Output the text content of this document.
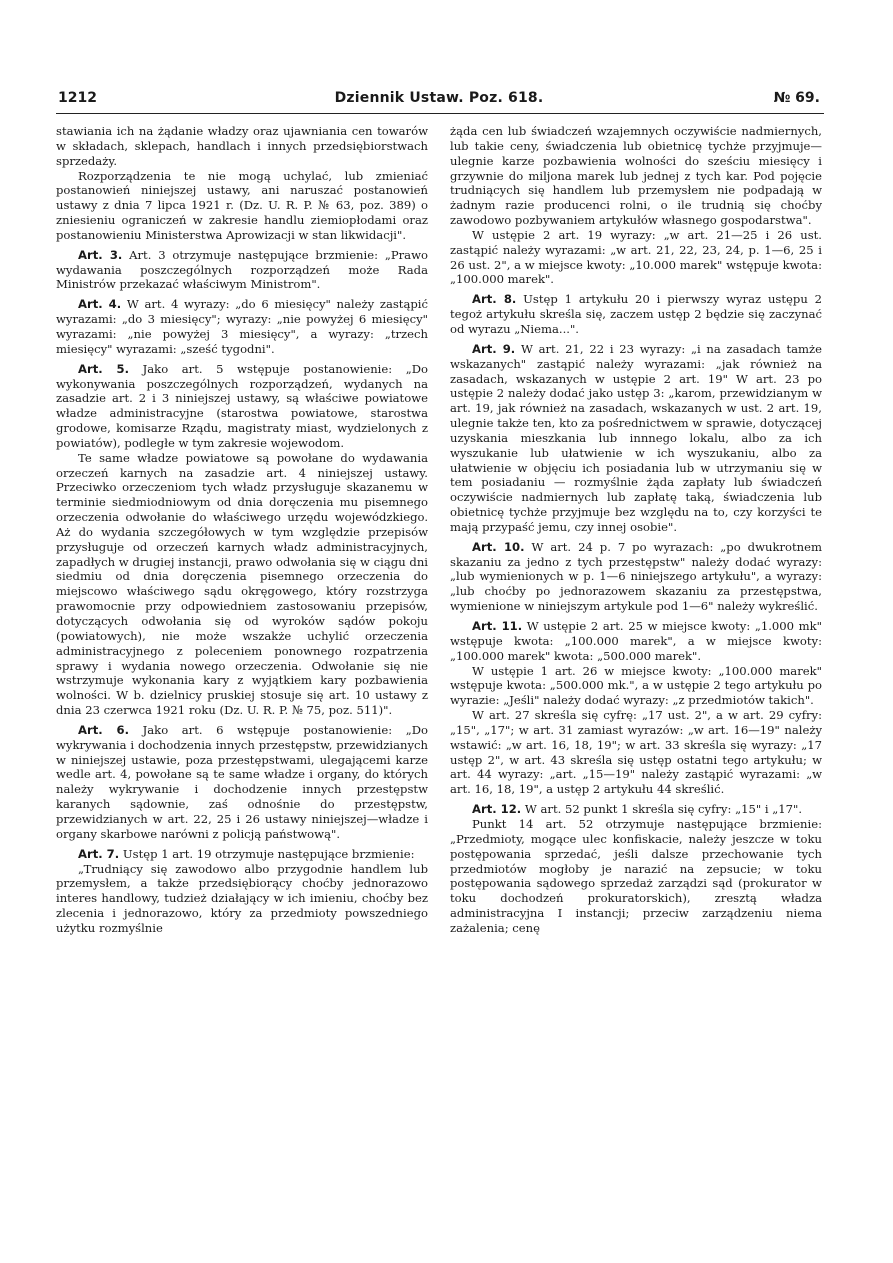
1212	Dziennik Ustaw. Poz. 618.	№ 69.

stawiania ich na żądanie władzy oraz ujawniania cen towarów w składach, sklepach, handlach i innych przedsiębiorstwach sprzedaży.

Rozporządzenia te nie mogą uchylać, lub zmieniać postanowień niniejszej ustawy, ani naruszać postanowień ustawy z dnia 7 lipca 1921 r. (Dz. U. R. P. № 63, poz. 389) o zniesieniu ograniczeń w zakresie handlu ziemiopłodami oraz postanowieniu Ministerstwa Aprowizacji w stan likwidacji".

Art. 3. Art. 3 otrzymuje następujące brzmienie: „Prawo wydawania poszczególnych rozporządzeń może Rada Ministrów przekazać właściwym Ministrom".

Art. 4. W art. 4 wyrazy: „do 6 miesięcy" należy zastąpić wyrazami: „do 3 miesięcy"; wyrazy: „nie powyżej 6 miesięcy" wyrazami: „nie powyżej 3 miesięcy", a wyrazy: „trzech miesięcy" wyrazami: „sześć tygodni".

Art. 5. Jako art. 5 wstępuje postanowienie: „Do wykonywania poszczególnych rozporządzeń, wydanych na zasadzie art. 2 i 3 niniejszej ustawy, są właściwe powiatowe władze administracyjne (starostwa powiatowe, starostwa grodowe, komisarze Rządu, magistraty miast, wydzielonych z powiatów), podległe w tym zakresie wojewodom.

Te same władze powiatowe są powołane do wydawania orzeczeń karnych na zasadzie art. 4 niniejszej ustawy. Przeciwko orzeczeniom tych władz przysługuje skazanemu w terminie siedmiodniowym od dnia doręczenia mu pisemnego orzeczenia odwołanie do właściwego urzędu wojewódzkiego. Aż do wydania szczegółowych w tym względzie przepisów przysługuje od orzeczeń karnych władz administracyjnych, zapadłych w drugiej instancji, prawo odwołania się w ciągu dni siedmiu od dnia doręczenia pisemnego orzeczenia do miejscowo właściwego sądu okręgowego, który rozstrzyga prawomocnie przy odpowiedniem zastosowaniu przepisów, dotyczących odwołania się od wyroków sądów pokoju (powiatowych), nie może wszakże uchylić orzeczenia administracyjnego z poleceniem ponownego rozpatrzenia sprawy i wydania nowego orzeczenia. Odwołanie się nie wstrzymuje wykonania kary z wyjątkiem kary pozbawienia wolności. W b. dzielnicy pruskiej stosuje się art. 10 ustawy z dnia 23 czerwca 1921 roku (Dz. U. R. P. № 75, poz. 511)".

Art. 6. Jako art. 6 wstępuje postanowienie: „Do wykrywania i dochodzenia innych przestępstw, przewidzianych w niniejszej ustawie, poza przestępstwami, ulegającemi karze wedle art. 4, powołane są te same władze i organy, do których należy wykrywanie i dochodzenie innych przestępstw karanych sądownie, zaś odnośnie do przestępstw, przewidzianych w art. 22, 25 i 26 ustawy niniejszej—władze i organy skarbowe narówni z policją państwową".

Art. 7. Ustęp 1 art. 19 otrzymuje następujące brzmienie:

„Trudniący się zawodowo albo przygodnie handlem lub przemysłem, a także przedsiębiorący choćby jednorazowo interes handlowy, tudzież działający w ich imieniu, choćby bez zlecenia i jednorazowo, który za przedmioty powszedniego użytku rozmyślnie

żąda cen lub świadczeń wzajemnych oczywiście nadmiernych, lub takie ceny, świadczenia lub obietnicę tychże przyjmuje—ulegnie karze pozbawienia wolności do sześciu miesięcy i grzywnie do miljona marek lub jednej z tych kar. Pod pojęcie trudniących się handlem lub przemysłem nie podpadają w żadnym razie producenci rolni, o ile trudnią się choćby zawodowo pozbywaniem artykułów własnego gospodarstwa".

W ustępie 2 art. 19 wyrazy: „w art. 21—25 i 26 ust. zastąpić należy wyrazami: „w art. 21, 22, 23, 24, p. 1—6, 25 i 26 ust. 2", a w miejsce kwoty: „10.000 marek" wstępuje kwota: „100.000 marek".

Art. 8. Ustęp 1 artykułu 20 i pierwszy wyraz ustępu 2 tegoż artykułu skreśla się, zaczem ustęp 2 będzie się zaczynać od wyrazu „Niema...".

Art. 9. W art. 21, 22 i 23 wyrazy: „i na zasadach tamże wskazanych" zastąpić należy wyrazami: „jak również na zasadach, wskazanych w ustępie 2 art. 19" W art. 23 po ustępie 2 należy dodać jako ustęp 3: „karom, przewidzianym w art. 19, jak również na zasadach, wskazanych w ust. 2 art. 19, ulegnie także ten, kto za pośrednictwem w sprawie, dotyczącej uzyskania mieszkania lub innnego lokalu, albo za ich wyszukanie lub ułatwienie w ich wyszukaniu, albo za ułatwienie w objęciu ich posiadania lub w utrzymaniu się w tem posiadaniu — rozmyślnie żąda zapłaty lub świadczeń oczywiście nadmiernych lub zapłatę taką, świadczenia lub obietnicę tychże przyjmuje bez względu na to, czy korzyści te mają przypaść jemu, czy innej osobie".

Art. 10. W art. 24 p. 7 po wyrazach: „po dwukrotnem skazaniu za jedno z tych przestępstw" należy dodać wyrazy: „lub wymienionych w p. 1—6 niniejszego artykułu", a wyrazy: „lub choćby po jednorazowem skazaniu za przestępstwa, wymienione w niniejszym artykule pod 1—6" należy wykreślić.

Art. 11. W ustępie 2 art. 25 w miejsce kwoty: „1.000 mk" wstępuje kwota: „100.000 marek", a w miejsce kwoty: „100.000 marek" kwota: „500.000 marek".

W ustępie 1 art. 26 w miejsce kwoty: „100.000 marek" wstępuje kwota: „500.000 mk.", a w ustępie 2 tego artykułu po wyrazie: „Jeśli" należy dodać wyrazy: „z przedmiotów takich".

W art. 27 skreśla się cyfrę: „17 ust. 2", a w art. 29 cyfry: „15", „17"; w art. 31 zamiast wyrazów: „w art. 16—19" należy wstawić: „w art. 16, 18, 19"; w art. 33 skreśla się wyrazy: „17 ustęp 2", w art. 43 skreśla się ustęp ostatni tego artykułu; w art. 44 wyrazy: „art. „15—19" należy zastąpić wyrazami: „w art. 16, 18, 19", a ustęp 2 artykułu 44 skreślić.

Art. 12. W art. 52 punkt 1 skreśla się cyfry: „15" i „17".

Punkt 14 art. 52 otrzymuje następujące brzmienie: „Przedmioty, mogące ulec konfiskacie, należy jeszcze w toku postępowania sprzedać, jeśli dalsze przechowanie tych przedmiotów mogłoby je narazić na zepsucie; w toku postępowania sądowego sprzedaż zarządzi sąd (prokurator w toku dochodzeń prokuratorskich), zresztą władza administracyjna I instancji; przeciw zarządzeniu niema zażalenia; cenę
